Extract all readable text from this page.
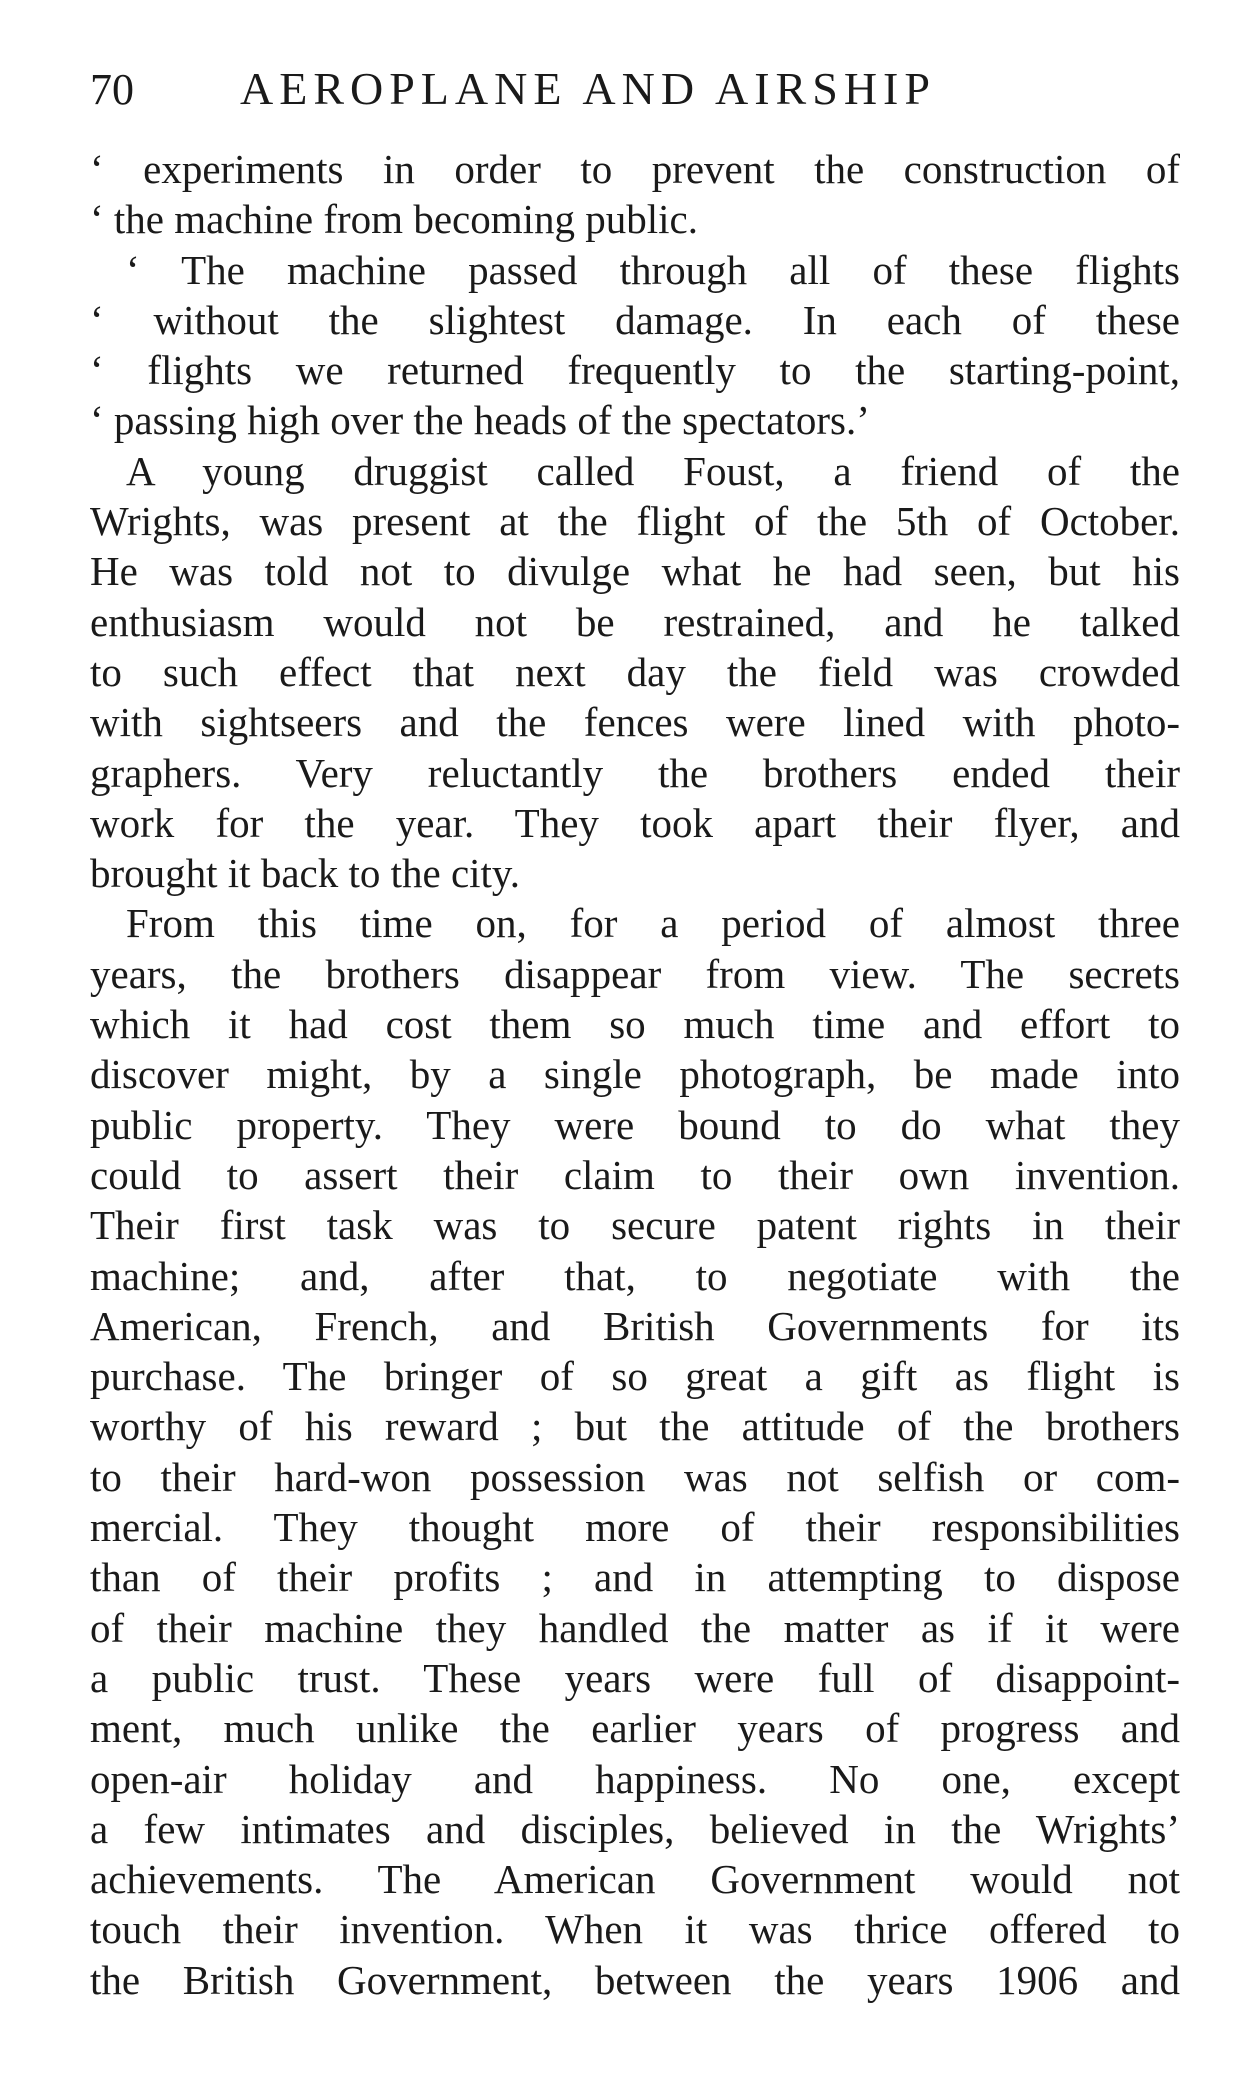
70	AEROPLANE AND AIRSHIP
‘ experiments in order to prevent the construction of
‘ the machine from becoming public.
‘ The machine passed through all of these flights
‘ without the slightest damage. In each of these
‘ flights we returned frequently to the starting-point,
‘ passing high over the heads of the spectators.’
A young druggist called Foust, a friend of the
Wrights, was present at the flight of the 5th of October.
He was told not to divulge what he had seen, but his
enthusiasm would not be restrained, and he talked
to such effect that next day the field was crowded
with sightseers and the fences were lined with photo-
graphers. Very reluctantly the brothers ended their
work for the year. They took apart their flyer, and
brought it back to the city.
From this time on, for a period of almost three
years, the brothers disappear from view. The secrets
which it had cost them so much time and effort to
discover might, by a single photograph, be made into
public property. They were bound to do what they
could to assert their claim to their own invention.
Their first task was to secure patent rights in their
machine; and, after that, to negotiate with the
American, French, and British Governments for its
purchase. The bringer of so great a gift as flight is
worthy of his reward ; but the attitude of the brothers
to their hard-won possession was not selfish or com-
mercial. They thought more of their responsibilities
than of their profits ; and in attempting to dispose
of their machine they handled the matter as if it were
a public trust. These years were full of disappoint-
ment, much unlike the earlier years of progress and
open-air holiday and happiness. No one, except
a few intimates and disciples, believed in the Wrights’
achievements. The American Government would not
touch their invention. When it was thrice offered to
the British Government, between the years 1906 and
